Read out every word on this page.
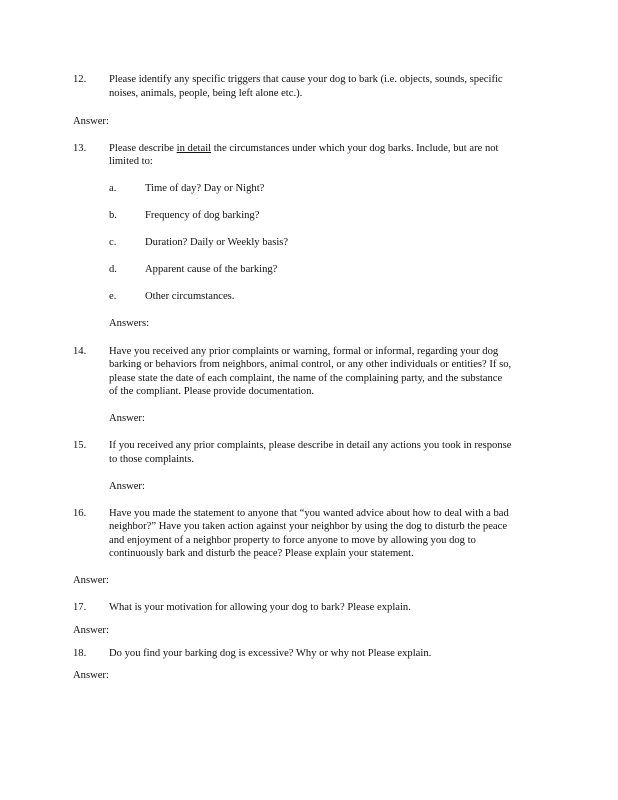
12.	Please identify any specific triggers that cause your dog to bark (i.e. objects, sounds, specific
noises, animals, people, being left alone etc.).
Answer:
13.	Please describe in detail the circumstances under which your dog barks. Include, but are not
limited to:
a.	Time of day? Day or Night?
b.	Frequency of dog barking?
c.	Duration? Daily or Weekly basis?
d.	Apparent cause of the barking?
e.	Other circumstances.
Answers:
14.	Have you received any prior complaints or warning, formal or informal, regarding your dog
barking or behaviors from neighbors, animal control, or any other individuals or entities? If so,
please state the date of each complaint, the name of the complaining party, and the substance
of the compliant. Please provide documentation.
Answer:
15.	If you received any prior complaints, please describe in detail any actions you took in response
to those complaints.
Answer:
16.	Have you made the statement to anyone that “you wanted advice about how to deal with a bad
neighbor?” Have you taken action against your neighbor by using the dog to disturb the peace
and enjoyment of a neighbor property to force anyone to move by allowing you dog to
continuously bark and disturb the peace? Please explain your statement.
Answer:
17.	What is your motivation for allowing your dog to bark? Please explain.
Answer:
18.	Do you find your barking dog is excessive? Why or why not Please explain.
Answer:
